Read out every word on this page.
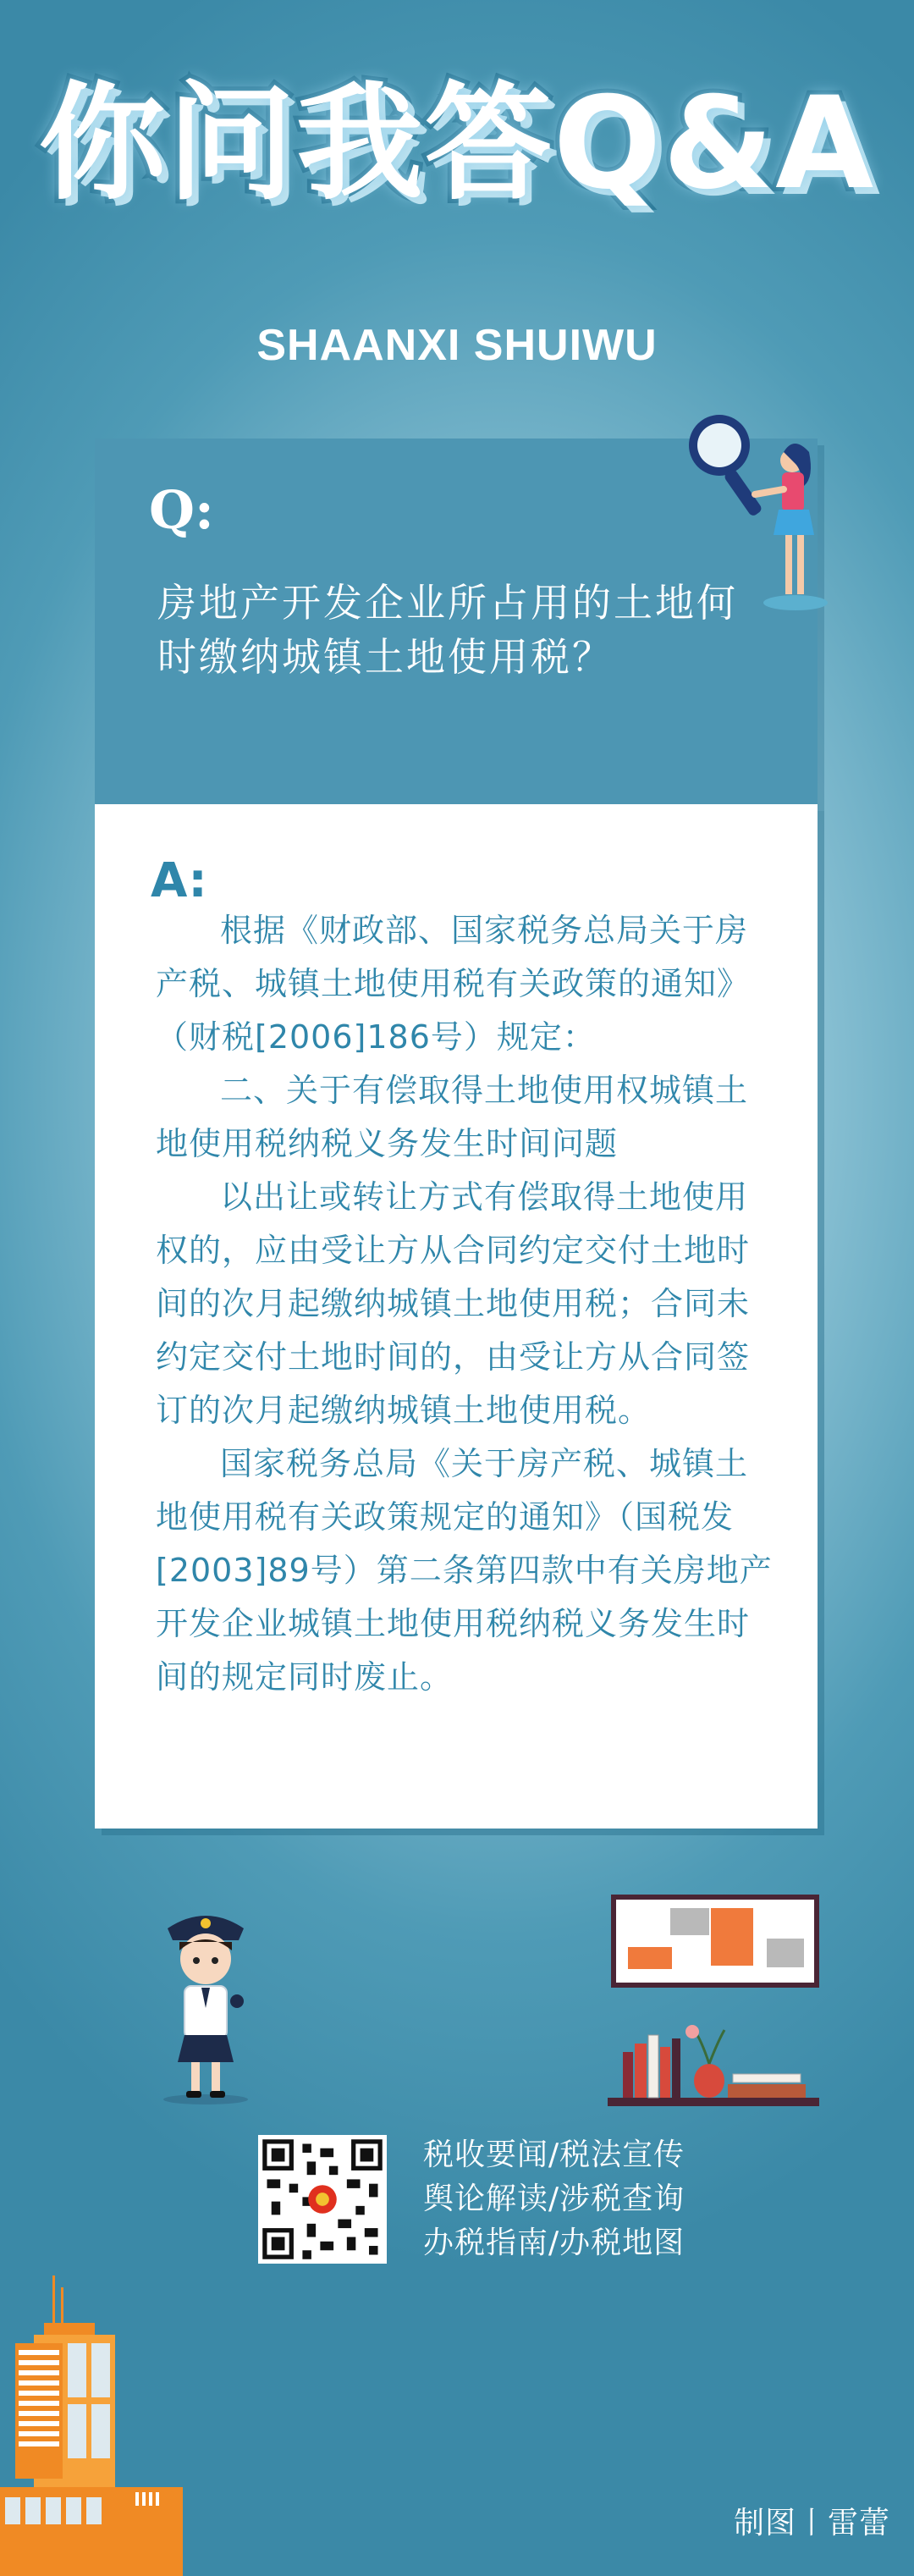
你问我答Q&A
SHAANXI SHUIWU
Q:
房地产开发企业所占用的土地何时缴纳城镇土地使用税？
A:

根据《财政部、国家税务总局关于房产税、城镇土地使用税有关政策的通知》（财税[2006]186号）规定：

二、关于有偿取得土地使用权城镇土地使用税纳税义务发生时间问题

以出让或转让方式有偿取得土地使用权的，应由受让方从合同约定交付土地时间的次月起缴纳城镇土地使用税；合同未约定交付土地时间的，由受让方从合同签订的次月起缴纳城镇土地使用税。

国家税务总局《关于房产税、城镇土地使用税有关政策规定的通知》（国税发[2003]89号）第二条第四款中有关房地产开发企业城镇土地使用税纳税义务发生时间的规定同时废止。

税收要闻/税法宣传
舆论解读/涉税查询
办税指南/办税地图
制图丨雷蕾
